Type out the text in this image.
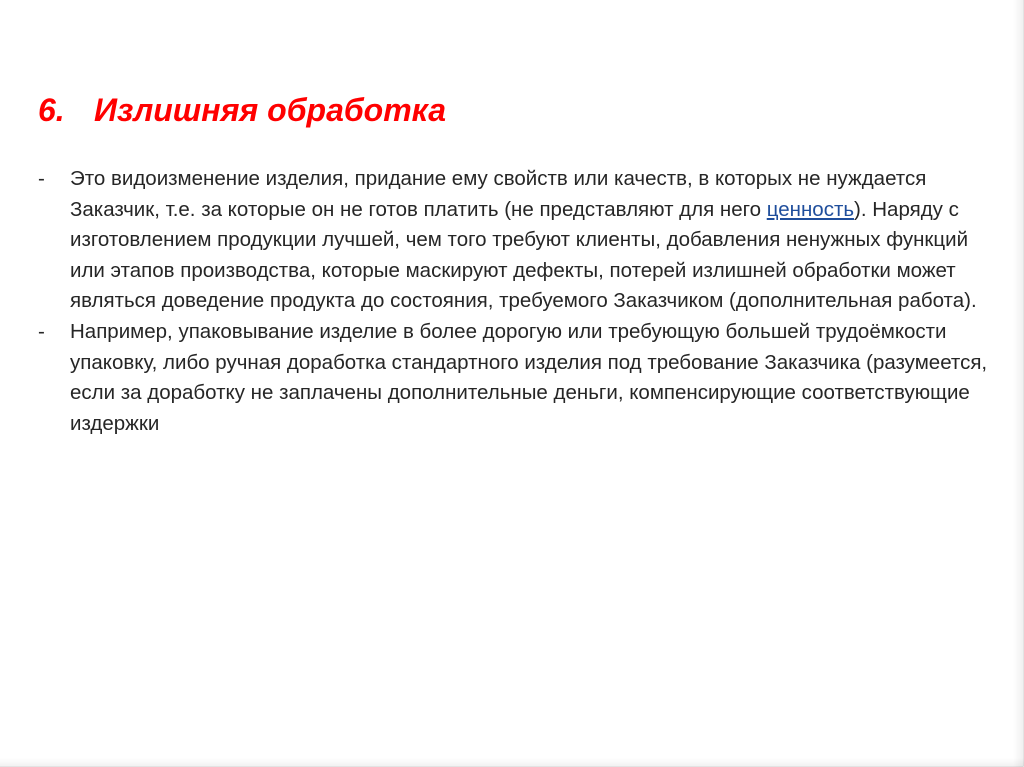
6. Излишняя обработка
- Это видоизменение изделия, придание ему свойств или качеств, в которых не нуждается Заказчик, т.е. за которые он не готов платить (не представляют для него ценность). Наряду с изготовлением продукции лучшей, чем того требуют клиенты, добавления ненужных функций или этапов производства, которые маскируют дефекты, потерей излишней обработки может являться доведение продукта до состояния, требуемого Заказчиком (дополнительная работа).
- Например, упаковывание изделие в более дорогую или требующую большей трудоёмкости упаковку, либо ручная доработка стандартного изделия под требование Заказчика (разумеется, если за доработку не заплачены дополнительные деньги, компенсирующие соответствующие издержки
